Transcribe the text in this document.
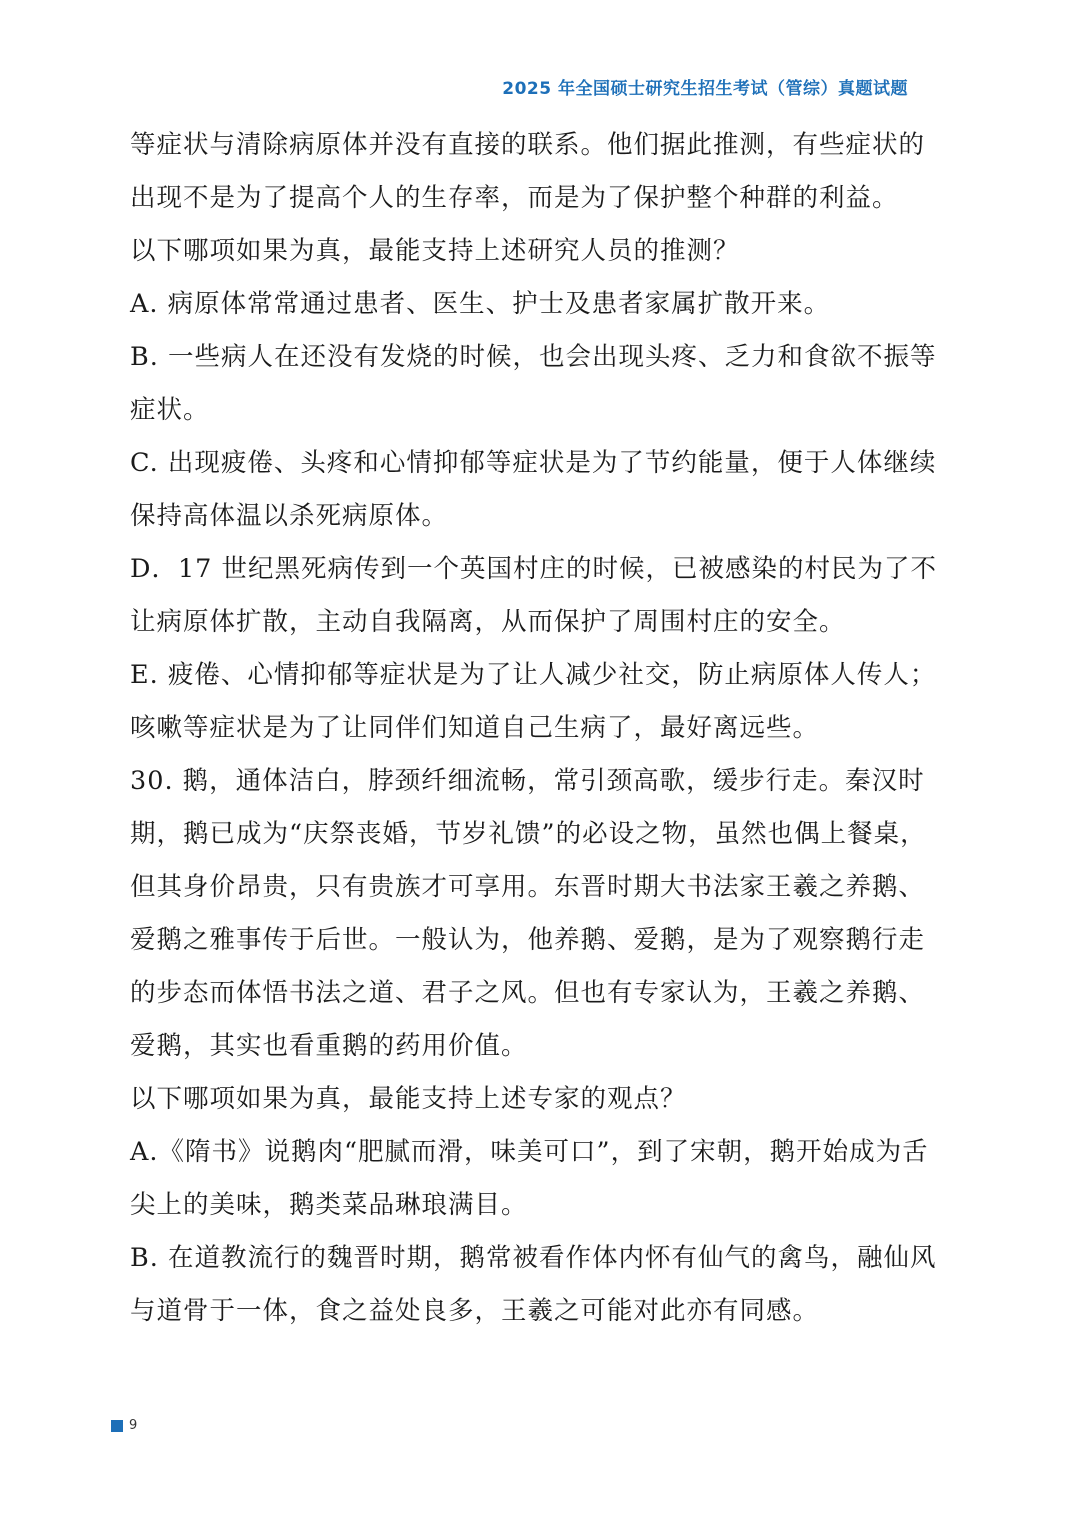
2025 年全国硕士研究生招生考试（管综）真题试题
等症状与清除病原体并没有直接的联系。他们据此推测，有些症状的
出现不是为了提高个人的生存率，而是为了保护整个种群的利益。
以下哪项如果为真，最能支持上述研究人员的推测？
A. 病原体常常通过患者、医生、护士及患者家属扩散开来。
B. 一些病人在还没有发烧的时候，也会出现头疼、乏力和食欲不振等
症状。
C. 出现疲倦、头疼和心情抑郁等症状是为了节约能量，便于人体继续
保持高体温以杀死病原体。
D．17 世纪黑死病传到一个英国村庄的时候，已被感染的村民为了不
让病原体扩散，主动自我隔离，从而保护了周围村庄的安全。
E. 疲倦、心情抑郁等症状是为了让人减少社交，防止病原体人传人；
咳嗽等症状是为了让同伴们知道自己生病了，最好离远些。
30. 鹅，通体洁白，脖颈纤细流畅，常引颈高歌，缓步行走。秦汉时
期，鹅已成为“庆祭丧婚，节岁礼馈”的必设之物，虽然也偶上餐桌，
但其身价昂贵，只有贵族才可享用。东晋时期大书法家王羲之养鹅、
爱鹅之雅事传于后世。一般认为，他养鹅、爱鹅，是为了观察鹅行走
的步态而体悟书法之道、君子之风。但也有专家认为，王羲之养鹅、
爱鹅，其实也看重鹅的药用价值。
以下哪项如果为真，最能支持上述专家的观点？
A.《隋书》说鹅肉“肥腻而滑，味美可口”，到了宋朝，鹅开始成为舌
尖上的美味，鹅类菜品琳琅满目。
B. 在道教流行的魏晋时期，鹅常被看作体内怀有仙气的禽鸟，融仙风
与道骨于一体，食之益处良多，王羲之可能对此亦有同感。
9
